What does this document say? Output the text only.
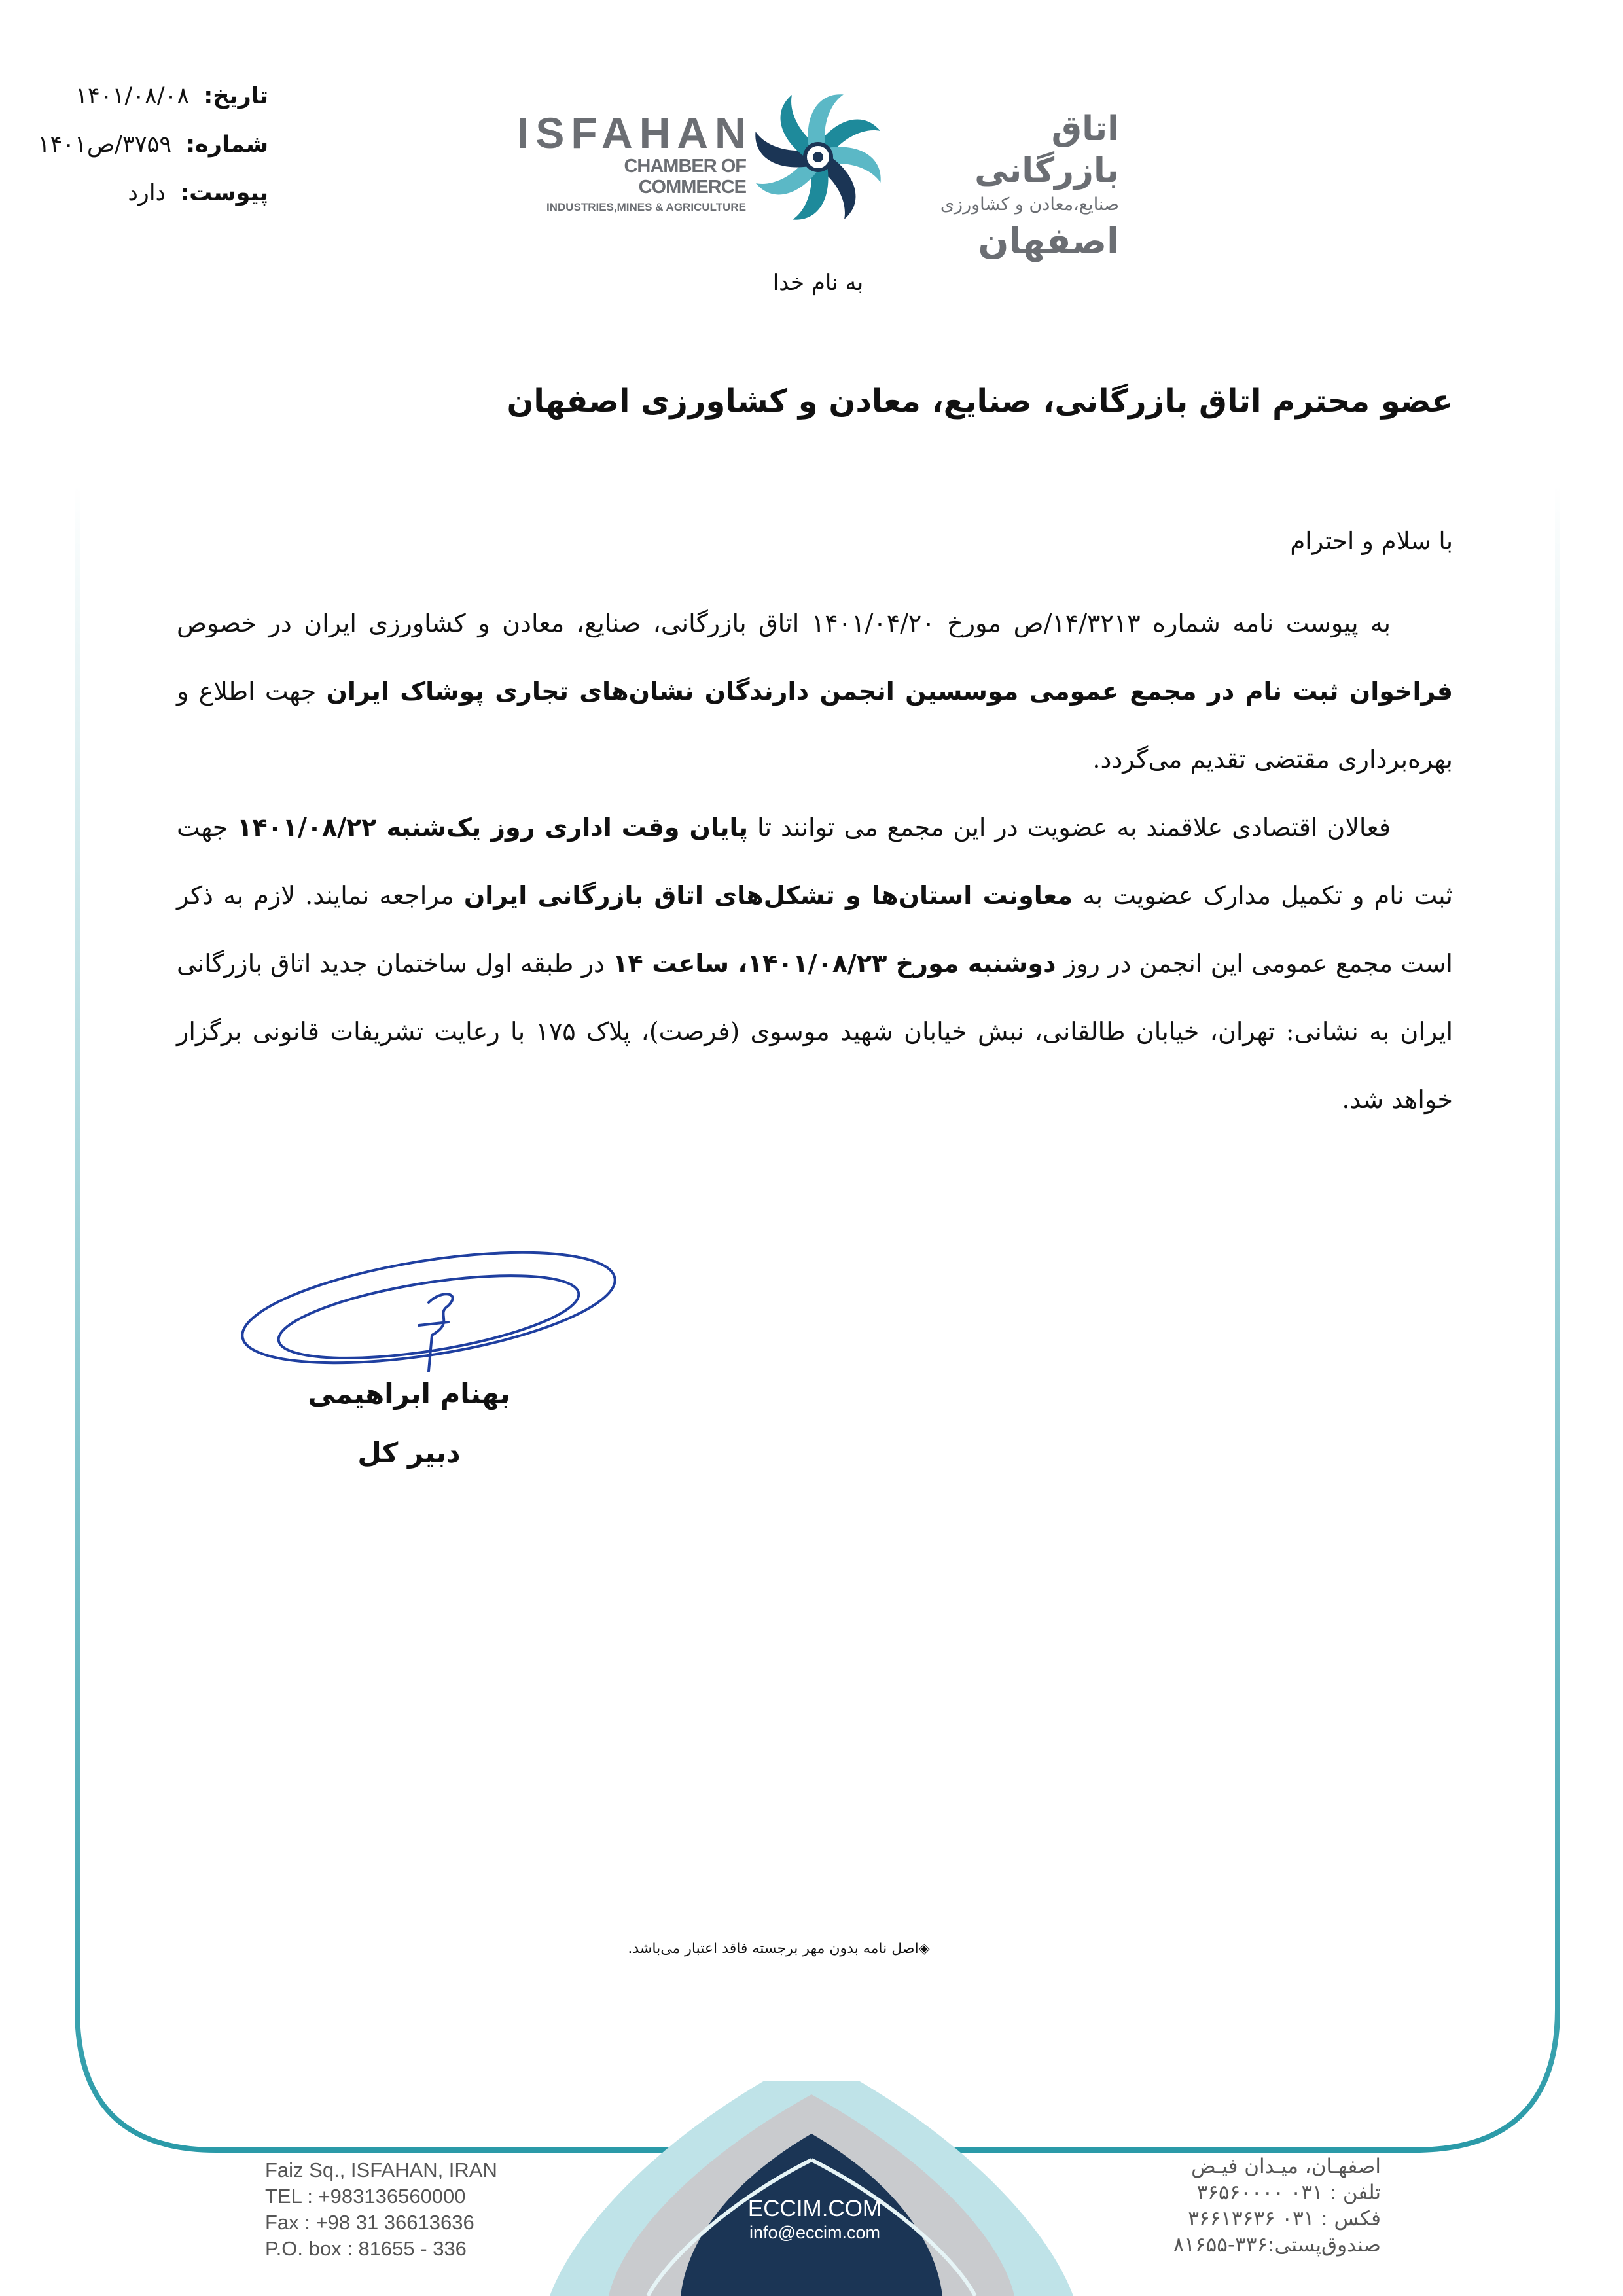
تاریخ:
۱۴۰۱/۰۸/۰۸
شماره:
۳۷۵۹/ص۱۴۰۱
پیوست:
دارد
ISFAHAN
CHAMBER OF COMMERCE
INDUSTRIES,MINES & AGRICULTURE
اتاق بازرگانی
صنایع،معادن و کشاورزی
اصفهان
به نام خدا
عضو محترم اتاق بازرگانی، صنایع، معادن و کشاورزی اصفهان
با سلام و احترام

به پیوست نامه شماره ۱۴/۳۲۱۳/ص مورخ ۱۴۰۱/۰۴/۲۰ اتاق بازرگانی، صنایع، معادن و کشاورزی ایران در خصوص فراخوان ثبت نام در مجمع عمومی موسسین انجمن دارندگان نشان‌های تجاری پوشاک ایران جهت اطلاع و بهره‌برداری مقتضی تقدیم می‌گردد.

فعالان اقتصادی علاقمند به عضویت در این مجمع می توانند تا پایان وقت اداری روز یک‌شنبه ۱۴۰۱/۰۸/۲۲ جهت ثبت نام و تکمیل مدارک عضویت به معاونت استان‌ها و تشکل‌های اتاق بازرگانی ایران مراجعه نمایند. لازم به ذکر است مجمع عمومی این انجمن در روز دوشنبه مورخ ۱۴۰۱/۰۸/۲۳، ساعت ۱۴ در طبقه اول ساختمان جدید اتاق بازرگانی ایران به نشانی: تهران، خیابان طالقانی، نبش خیابان شهید موسوی (فرصت)، پلاک ۱۷۵ با رعایت تشریفات قانونی برگزار خواهد شد.

بهنام ابراهیمی
دبیر کل
◈اصل نامه بدون مهر برجسته فاقد اعتبار می‌باشد.
Faiz Sq., ISFAHAN, IRAN
TEL : +983136560000
Fax : +98 31 36613636
P.O. box : 81655 - 336
ECCIM.COM
info@eccim.com
اصفهـان، میـدان فیـض
تلفن : ۰۳۱ ۳۶۵۶۰۰۰۰
فکس : ۰۳۱ ۳۶۶۱۳۶۳۶
صندوق‌پستی:۳۳۶-۸۱۶۵۵
